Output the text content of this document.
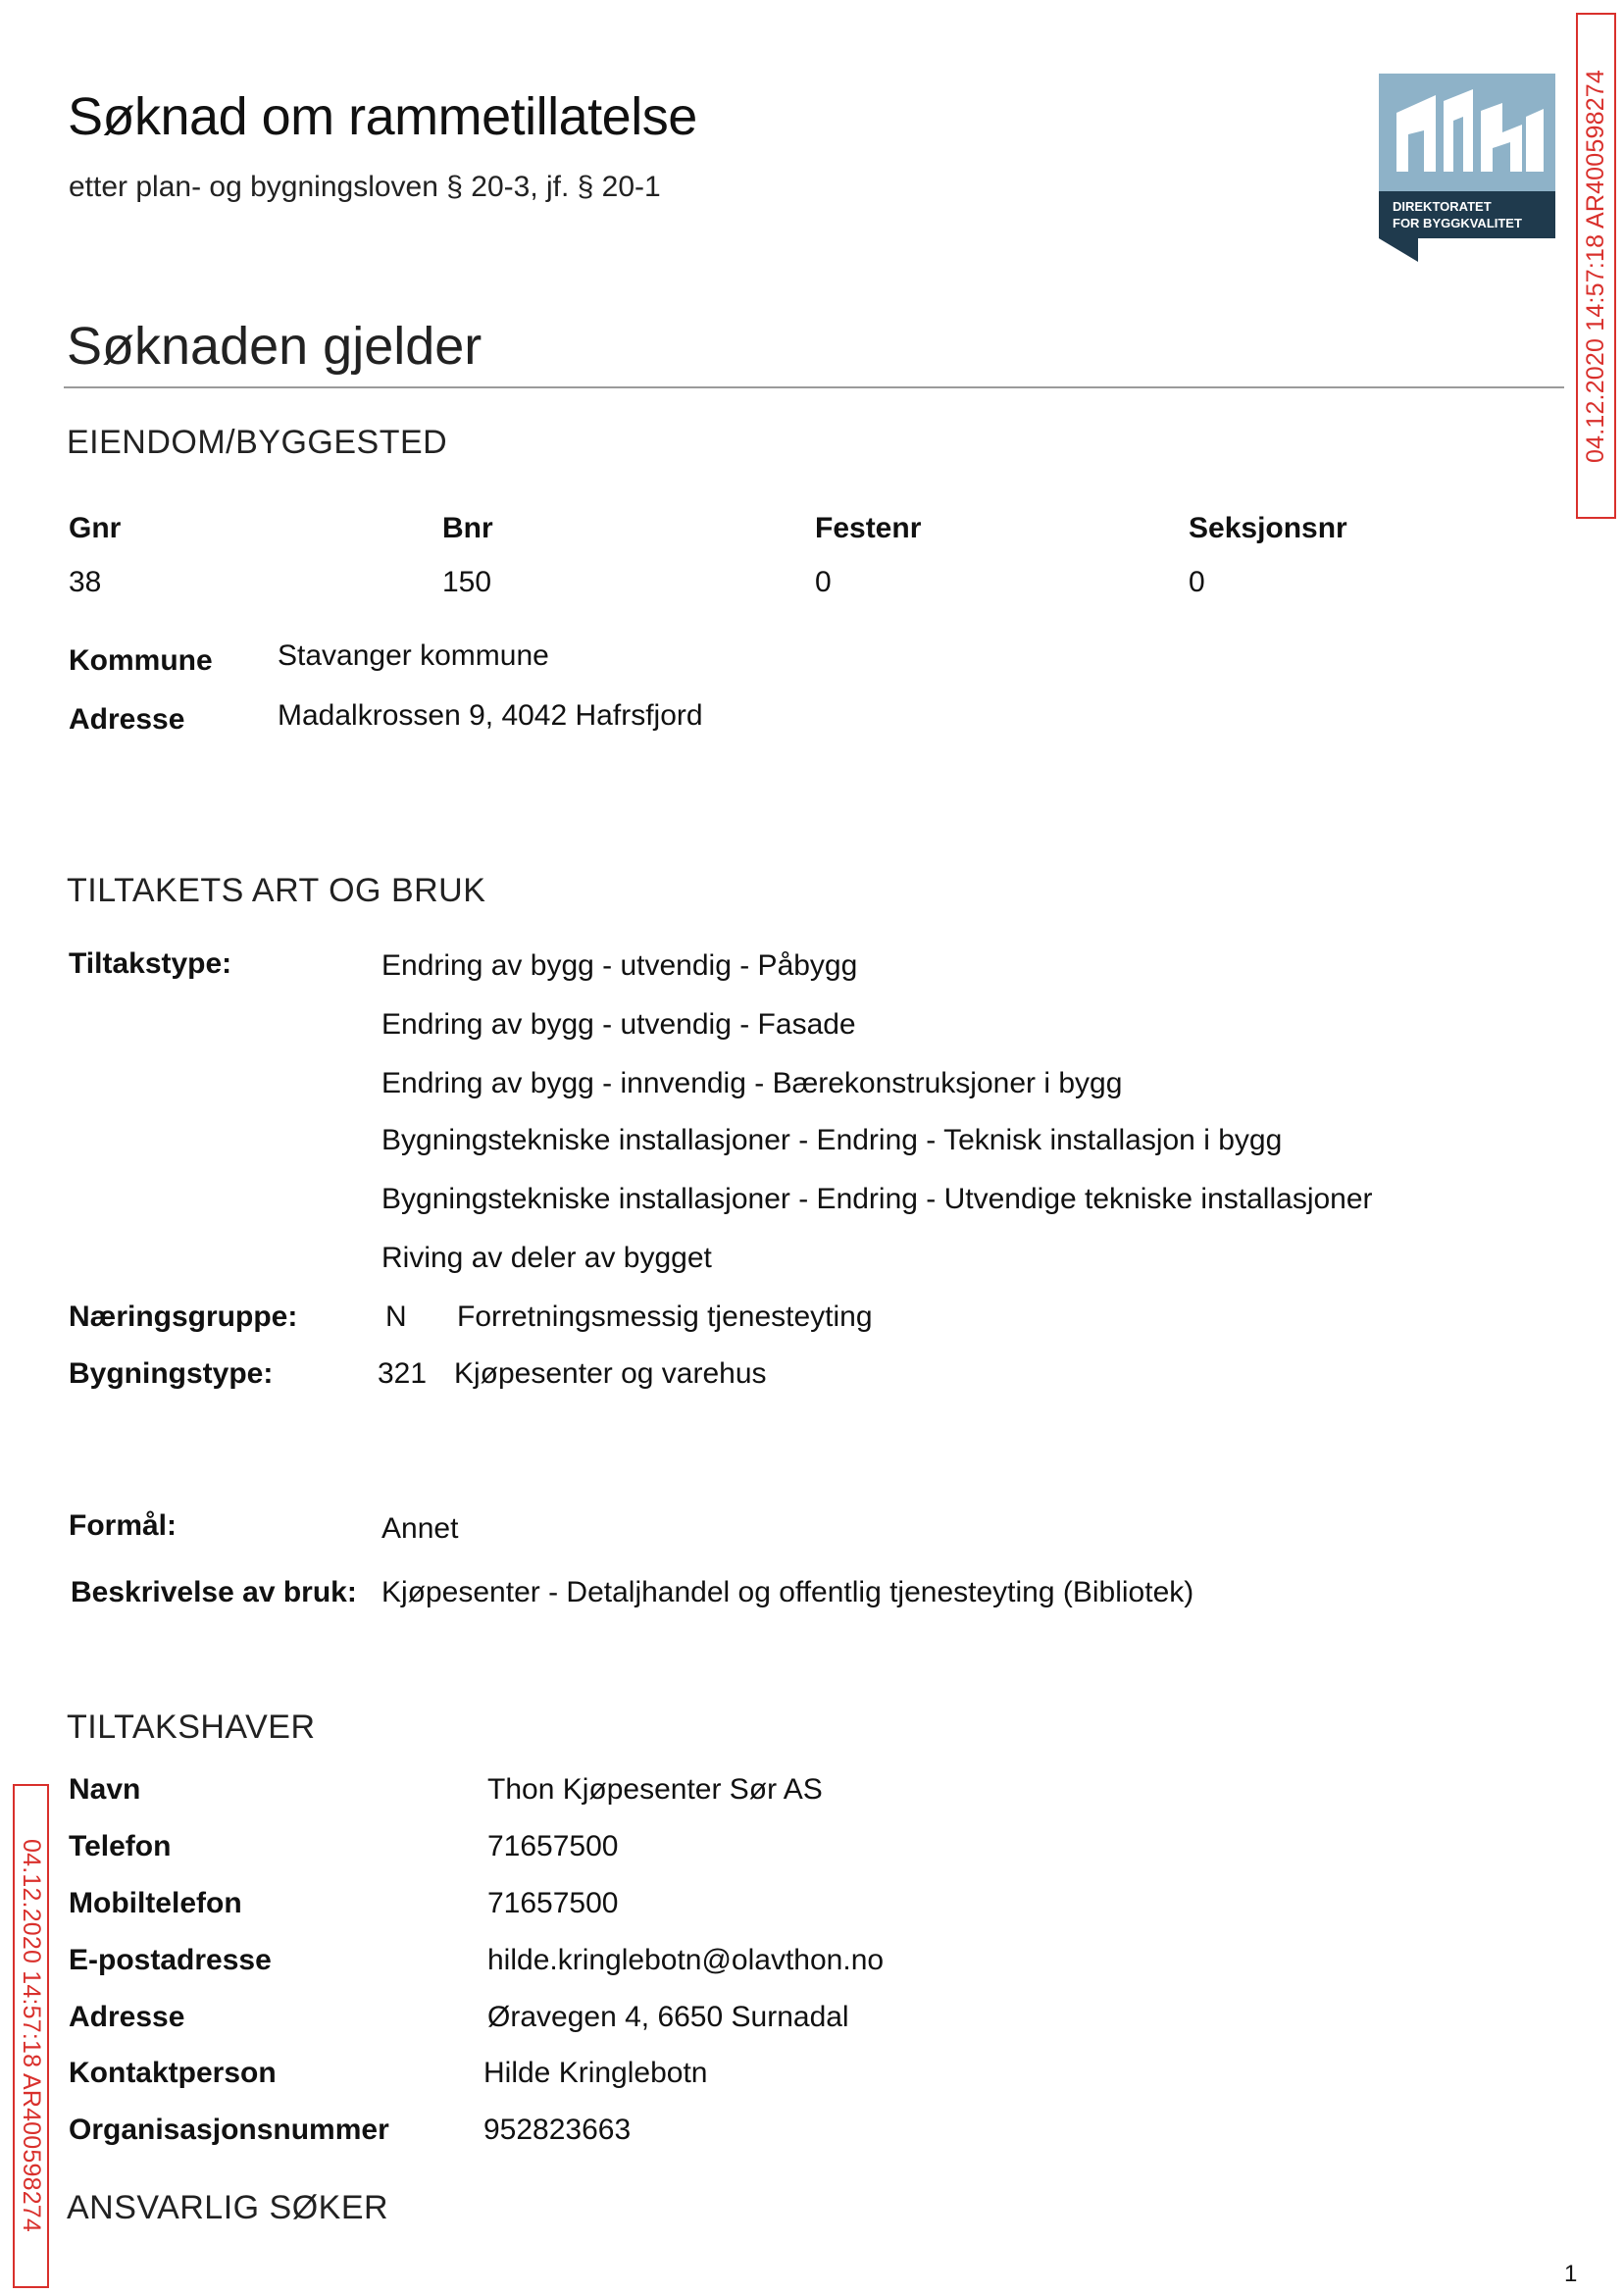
Søknad om rammetillatelse
etter plan- og bygningsloven § 20-3, jf. § 20-1
DIREKTORATET
FOR BYGGKVALITET 04.12.2020 14:57:18 AR400598274
04.12.2020 14:57:18 AR400598274
Søknaden gjelder
EIENDOM/BYGGESTED
Gnr	Bnr	Festenr	Seksjonsnr
38	150	0	0
Kommune Stavanger kommune
Adresse	Madalkrossen 9, 4042 Hafrsfjord
TILTAKETS ART OG BRUK
Tiltakstype:	Endring av bygg - utvendig - Påbygg
Endring av bygg - utvendig - Fasade
Endring av bygg - innvendig - Bærekonstruksjoner i bygg
Bygningstekniske installasjoner - Endring - Teknisk installasjon i bygg
Bygningstekniske installasjoner - Endring - Utvendige tekniske installasjoner
Riving av deler av bygget
Næringsgruppe:	N Forretningsmessig tjenesteyting
Bygningstype:	321 Kjøpesenter og varehus
Formål:	Annet
Beskrivelse av bruk: Kjøpesenter - Detaljhandel og offentlig tjenesteyting (Bibliotek)
TILTAKSHAVER
Navn	Thon Kjøpesenter Sør AS
Telefon	71657500
Mobiltelefon	71657500
E-postadresse	hilde.kringlebotn@olavthon.no
Adresse	Øravegen 4, 6650 Surnadal
Kontaktperson	Hilde Kringlebotn
Organisasjonsnummer	952823663
ANSVARLIG SØKER
1
